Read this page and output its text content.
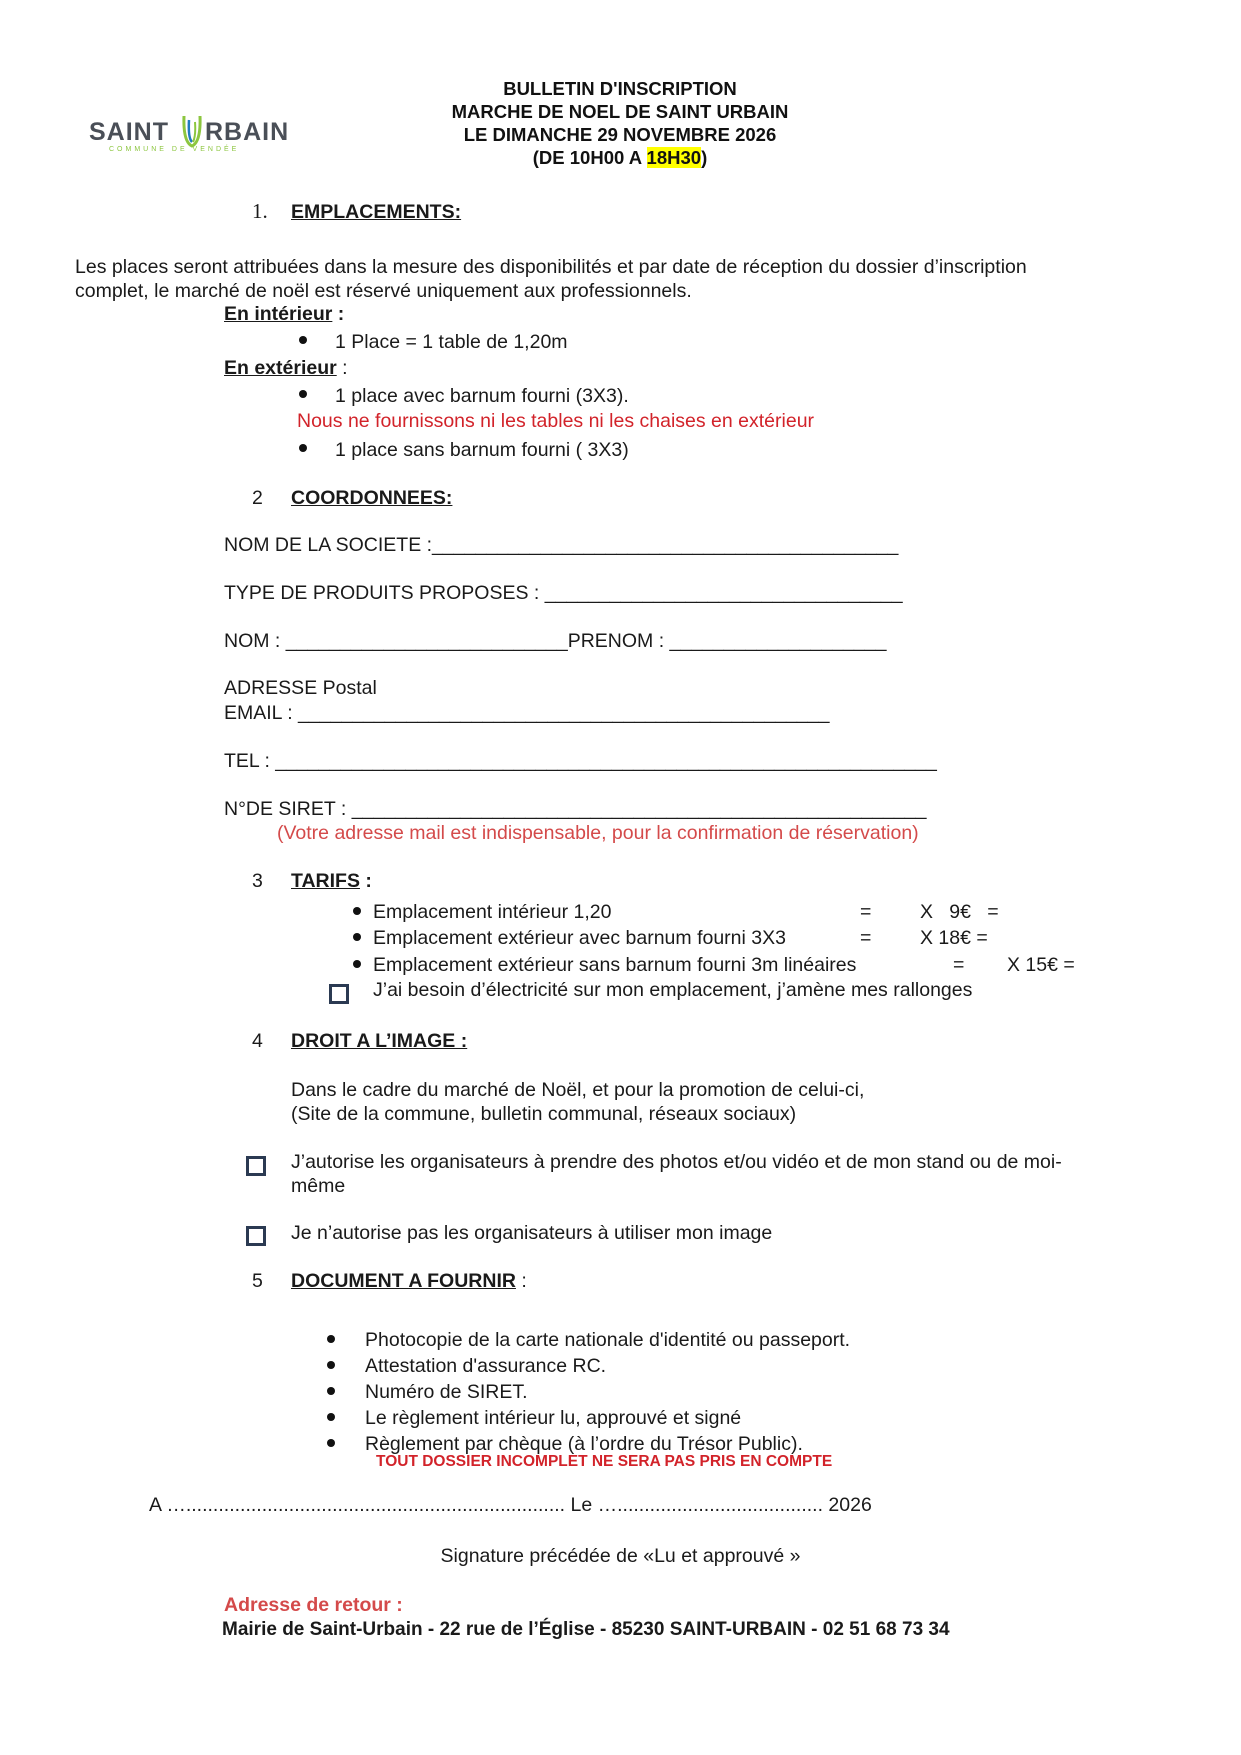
SAINT RBAIN
COMMUNE DE VENDÉE
BULLETIN D'INSCRIPTION
MARCHE DE NOEL DE SAINT URBAIN
LE DIMANCHE 29 NOVEMBRE 2026
(DE 10H00 A 18H30)
1. EMPLACEMENTS:
Les places seront attribuées dans la mesure des disponibilités et par date de réception du dossier d’inscription
complet, le marché de noël est réservé uniquement aux professionnels.
En intérieur :
1 Place = 1 table de 1,20m
En extérieur :
1 place avec barnum fourni (3X3).
Nous ne fournissons ni les tables ni les chaises en extérieur
1 place sans barnum fourni ( 3X3)
2 COORDONNEES:
NOM DE LA SOCIETE :___________________________________________
TYPE DE PRODUITS PROPOSES : _________________________________
NOM : __________________________PRENOM : ____________________
ADRESSE Postal
EMAIL : _________________________________________________
TEL : _____________________________________________________________
N°DE SIRET : _____________________________________________________
(Votre adresse mail est indispensable, pour la confirmation de réservation)
3 TARIFS :
Emplacement intérieur 1,20	= X   9€   =
Emplacement extérieur avec barnum fourni 3X3	= X 18€ =
Emplacement extérieur sans barnum fourni 3m linéaires	= X 15€ =
J’ai besoin d’électricité sur mon emplacement, j’amène mes rallonges
4 DROIT A L’IMAGE :
Dans le cadre du marché de Noël, et pour la promotion de celui-ci,
(Site de la commune, bulletin communal, réseaux sociaux)
J’autorise les organisateurs à prendre des photos et/ou vidéo et de mon stand ou de moi-
même
Je n’autorise pas les organisateurs à utiliser mon image
5 DOCUMENT A FOURNIR :
Photocopie de la carte nationale d'identité ou passeport.
Attestation d'assurance RC.
Numéro de SIRET.
Le règlement intérieur lu, approuvé et signé
Règlement par chèque (à l’ordre du Trésor Public).
TOUT DOSSIER INCOMPLET NE SERA PAS PRIS EN COMPTE
A …...................................................................... Le …...................................... 2026
Signature précédée de «Lu et approuvé »
Adresse de retour :
Mairie de Saint-Urbain - 22 rue de l’Église - 85230 SAINT-URBAIN - 02 51 68 73 34
